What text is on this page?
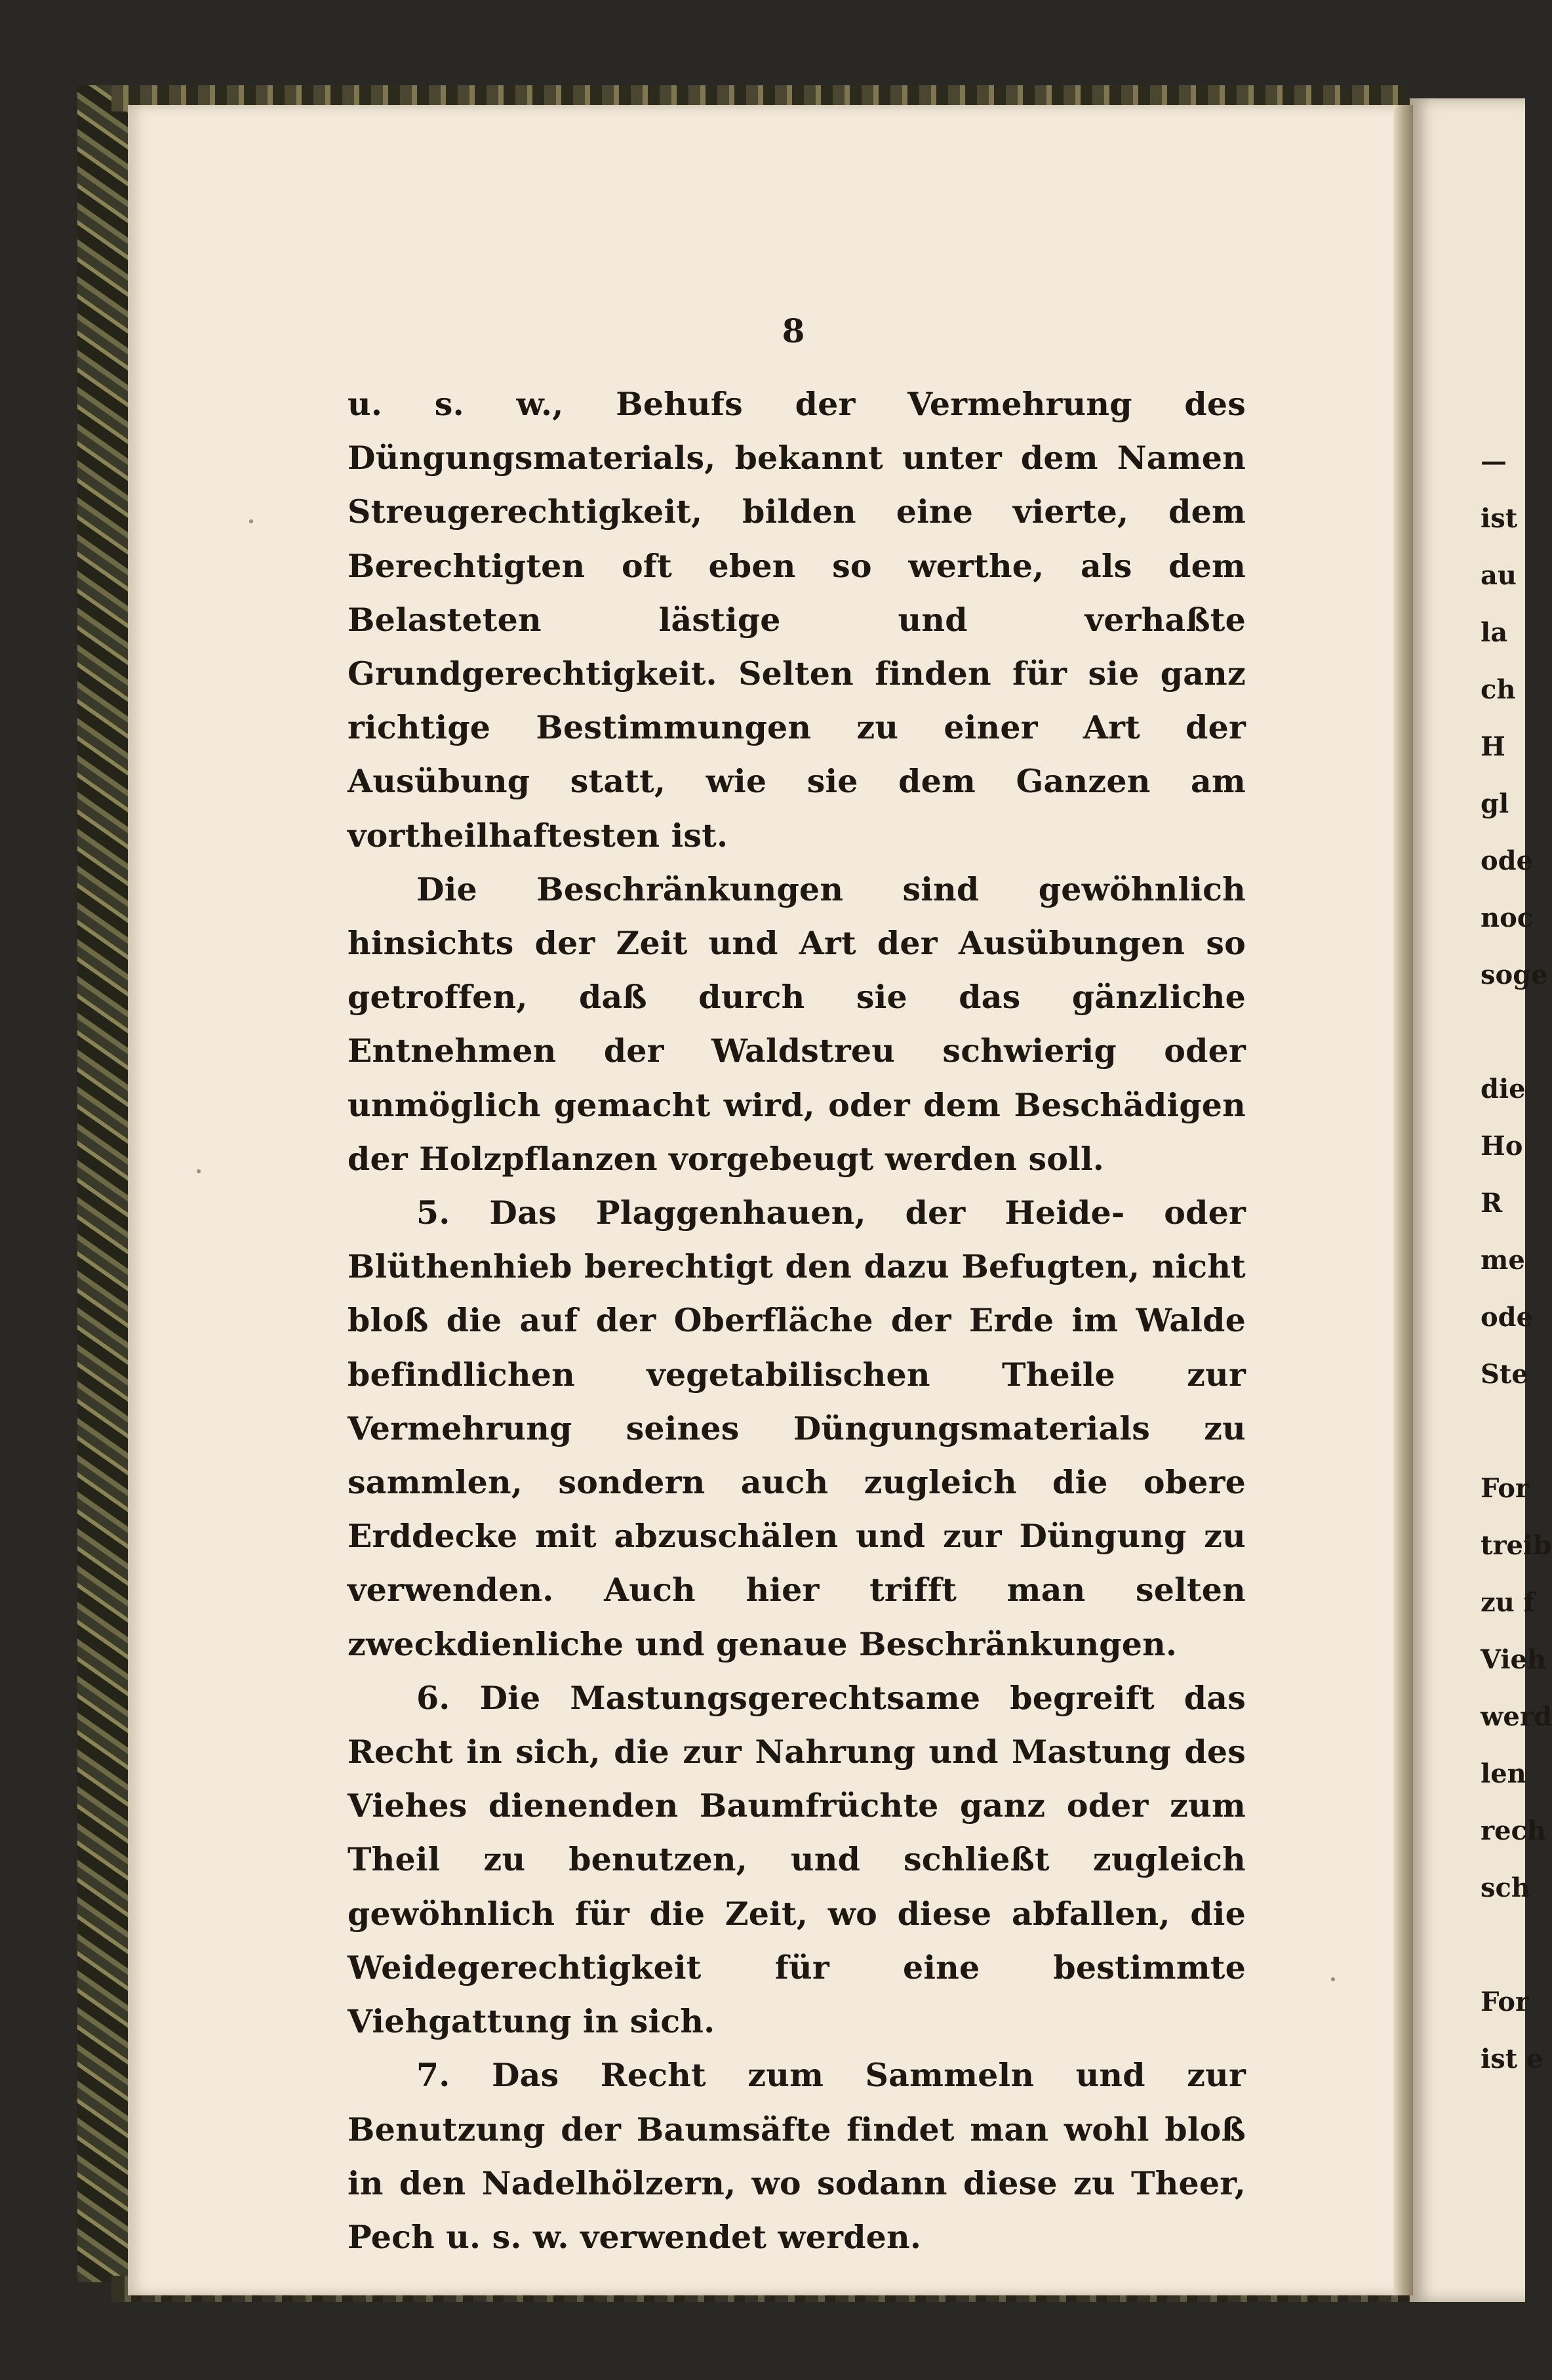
8

u. s. w., Behufs der Vermehrung des Düngungsmaterials, bekannt unter dem Namen Streugerechtigkeit, bilden eine vierte, dem Berechtigten oft eben so werthe, als dem Belasteten lästige und verhaßte Grundgerechtigkeit. Selten finden für sie ganz richtige Bestimmungen zu einer Art der Ausübung statt, wie sie dem Ganzen am vortheilhaftesten ist.

Die Beschränkungen sind gewöhnlich hinsichts der Zeit und Art der Ausübungen so getroffen, daß durch sie das gänzliche Entnehmen der Waldstreu schwierig oder unmöglich gemacht wird, oder dem Beschädigen der Holzpflanzen vorgebeugt werden soll.

5. Das Plaggenhauen, der Heide- oder Blüthenhieb berechtigt den dazu Befugten, nicht bloß die auf der Oberfläche der Erde im Walde befindlichen vegetabilischen Theile zur Vermehrung seines Düngungsmaterials zu sammlen, sondern auch zugleich die obere Erddecke mit abzuschälen und zur Düngung zu verwenden. Auch hier trifft man selten zweckdienliche und genaue Beschränkungen.

6. Die Mastungsgerechtsame begreift das Recht in sich, die zur Nahrung und Mastung des Viehes dienenden Baumfrüchte ganz oder zum Theil zu benutzen, und schließt zugleich gewöhnlich für die Zeit, wo diese abfallen, die Weidegerechtigkeit für eine bestimmte Viehgattung in sich.

7. Das Recht zum Sammeln und zur Benutzung der Baumsäfte findet man wohl bloß in den Nadelhölzern, wo sodann diese zu Theer, Pech u. s. w. verwendet werden.

—
ist
au
la
ch
H
gl
ode
noc
soge
die
Ho
R
me
ode
Ste
For
treib
zu f
Vieh
werd
len
rech
sch
For
ist e
